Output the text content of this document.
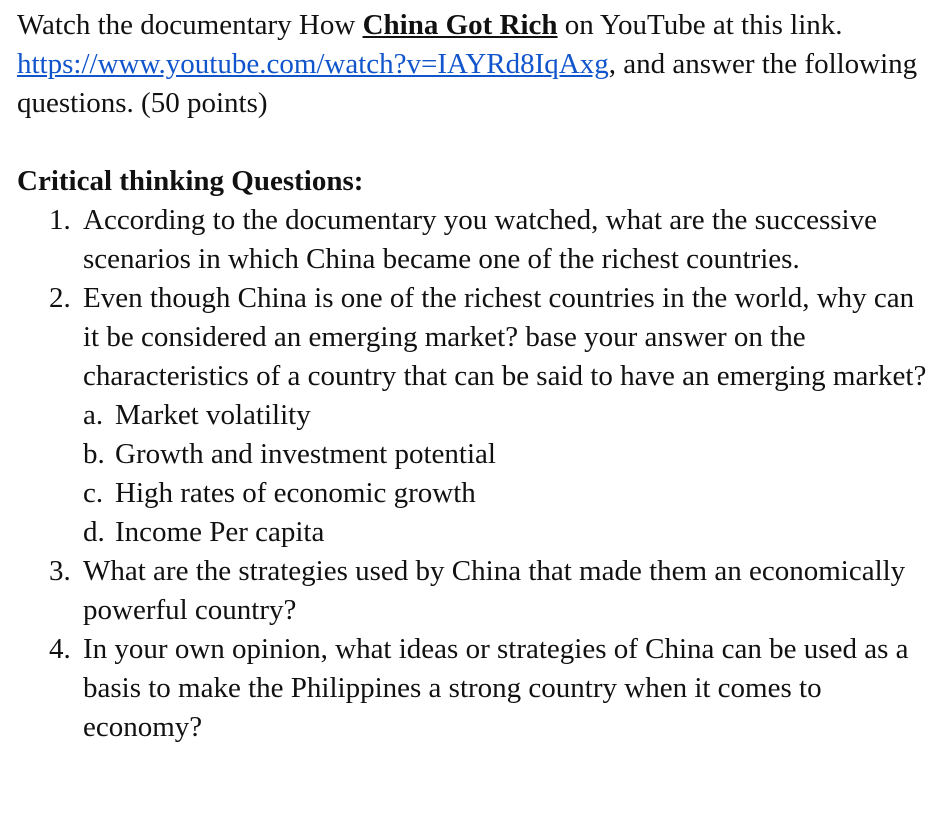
Watch the documentary How China Got Rich on YouTube at this link. https://www.youtube.com/watch?v=IAYRd8IqAxg, and answer the following questions. (50 points)

Critical thinking Questions:

1. According to the documentary you watched, what are the successive scenarios in which China became one of the richest countries.
2. Even though China is one of the richest countries in the world, why can it be considered an emerging market? base your answer on the characteristics of a country that can be said to have an emerging market?
a. Market volatility
b. Growth and investment potential
c. High rates of economic growth
d. Income Per capita
3. What are the strategies used by China that made them an economically powerful country?
4. In your own opinion, what ideas or strategies of China can be used as a basis to make the Philippines a strong country when it comes to economy?
